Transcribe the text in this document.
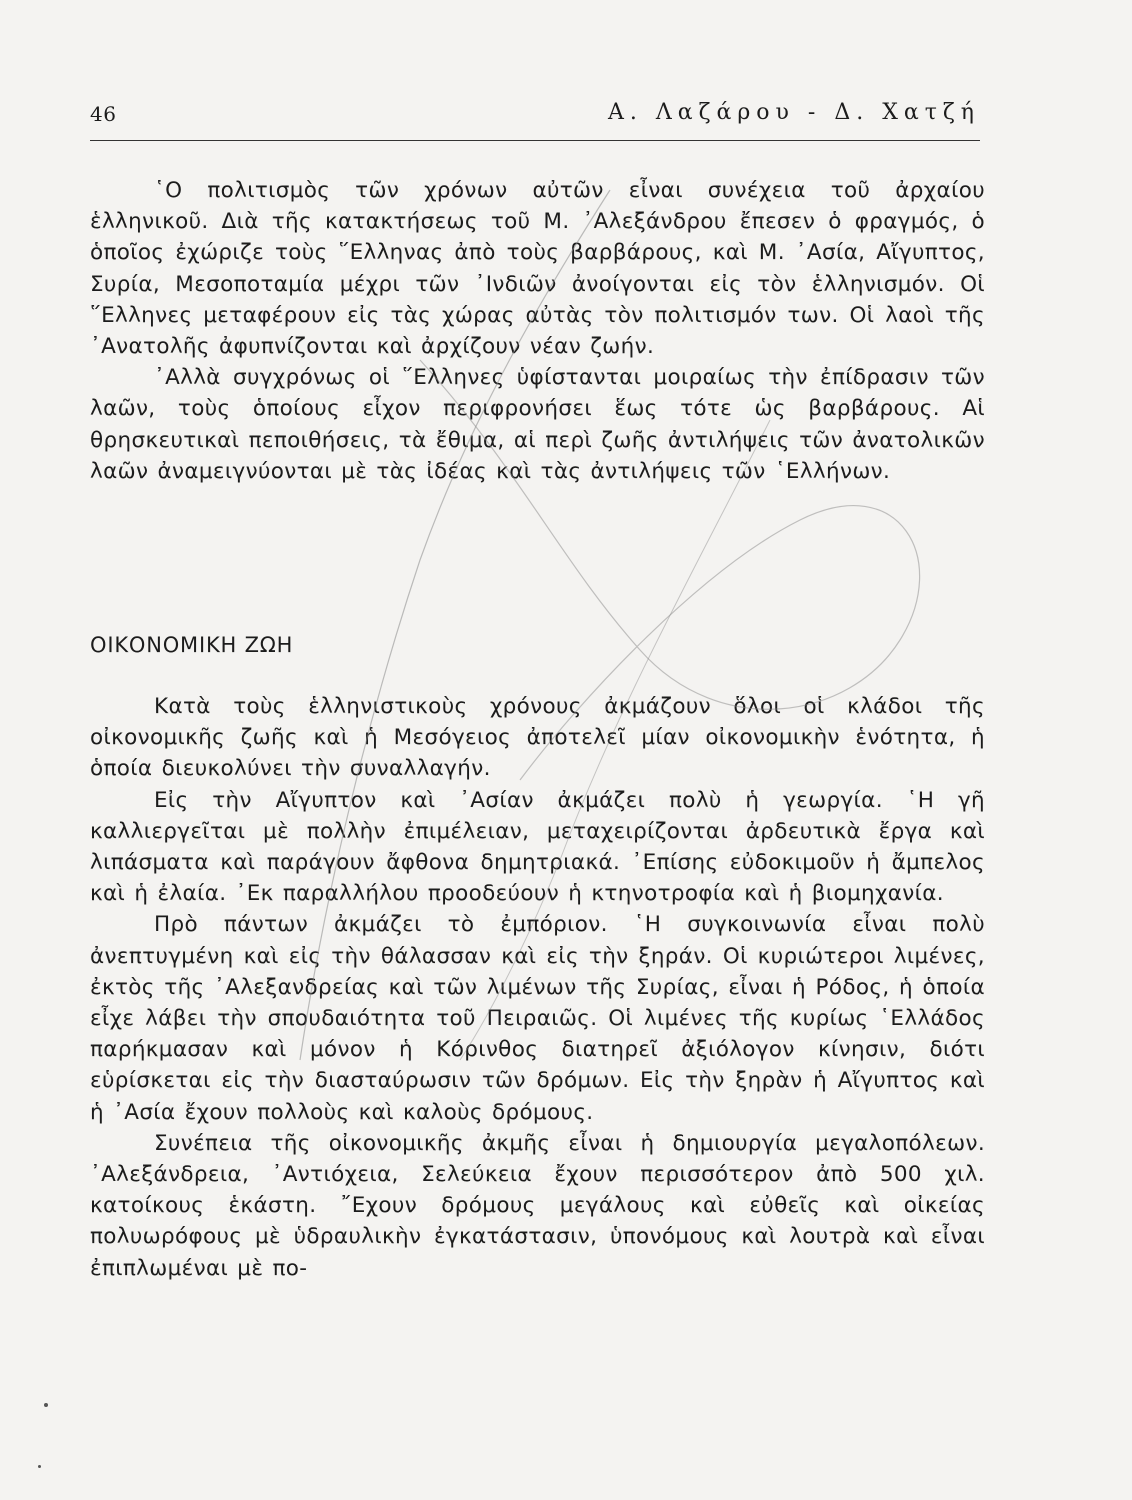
46	Α. Λαζάρου - Δ. Χατζή

῾Ο πολιτισμὸς τῶν χρόνων αὐτῶν εἶναι συνέχεια τοῦ ἀρχαίου ἑλληνικοῦ. Διὰ τῆς κατακτήσεως τοῦ Μ. ᾿Αλεξάνδρου ἔπεσεν ὁ φραγμός, ὁ ὁποῖος ἐχώριζε τοὺς ῞Ελληνας ἀπὸ τοὺς βαρβάρους, καὶ Μ. ᾿Ασία, Αἴγυπτος, Συρία, Μεσοποταμία μέχρι τῶν ᾿Ινδιῶν ἀνοίγονται εἰς τὸν ἑλληνισμόν. Οἱ ῞Ελληνες μεταφέρουν εἰς τὰς χώρας αὐτὰς τὸν πολιτισμόν των. Οἱ λαοὶ τῆς ᾿Ανατολῆς ἀφυπνίζονται καὶ ἀρχίζουν νέαν ζωήν.

᾿Αλλὰ συγχρόνως οἱ ῞Ελληνες ὑφίστανται μοιραίως τὴν ἐπίδρασιν τῶν λαῶν, τοὺς ὁποίους εἶχον περιφρονήσει ἕως τότε ὡς βαρβάρους. Αἱ θρησκευτικαὶ πεποιθήσεις, τὰ ἔθιμα, αἱ περὶ ζωῆς ἀντιλήψεις τῶν ἀνατολικῶν λαῶν ἀναμειγνύονται μὲ τὰς ἰδέας καὶ τὰς ἀντιλήψεις τῶν ῾Ελλήνων.

ΟΙΚΟΝΟΜΙΚΗ ΖΩΗ

Κατὰ τοὺς ἑλληνιστικοὺς χρόνους ἀκμάζουν ὅλοι οἱ κλάδοι τῆς οἰκονομικῆς ζωῆς καὶ ἡ Μεσόγειος ἀποτελεῖ μίαν οἰκονομικὴν ἑνότητα, ἡ ὁποία διευκολύνει τὴν συναλλαγήν.

Εἰς τὴν Αἴγυπτον καὶ ᾿Ασίαν ἀκμάζει πολὺ ἡ γεωργία. ῾Η γῆ καλλιεργεῖται μὲ πολλὴν ἐπιμέλειαν, μεταχειρίζονται ἀρδευτικὰ ἔργα καὶ λιπάσματα καὶ παράγουν ἄφθονα δημητριακά. ᾿Επίσης εὐδοκιμοῦν ἡ ἄμπελος καὶ ἡ ἐλαία. ᾿Εκ παραλλήλου προοδεύουν ἡ κτηνοτροφία καὶ ἡ βιομηχανία.

Πρὸ πάντων ἀκμάζει τὸ ἐμπόριον. ῾Η συγκοινωνία εἶναι πολὺ ἀνεπτυγμένη καὶ εἰς τὴν θάλασσαν καὶ εἰς τὴν ξηράν. Οἱ κυριώτεροι λιμένες, ἐκτὸς τῆς ᾿Αλεξανδρείας καὶ τῶν λιμένων τῆς Συρίας, εἶναι ἡ Ρόδος, ἡ ὁποία εἶχε λάβει τὴν σπουδαιότητα τοῦ Πειραιῶς. Οἱ λιμένες τῆς κυρίως ῾Ελλάδος παρήκμασαν καὶ μόνον ἡ Κόρινθος διατηρεῖ ἀξιόλογον κίνησιν, διότι εὑρίσκεται εἰς τὴν διασταύρωσιν τῶν δρόμων. Εἰς τὴν ξηρὰν ἡ Αἴγυπτος καὶ ἡ ᾿Ασία ἔχουν πολλοὺς καὶ καλοὺς δρόμους.

Συνέπεια τῆς οἰκονομικῆς ἀκμῆς εἶναι ἡ δημιουργία μεγαλοπόλεων. ᾿Αλεξάνδρεια, ᾿Αντιόχεια, Σελεύκεια ἔχουν περισσότερον ἀπὸ 500 χιλ. κατοίκους ἑκάστη. ῎Εχουν δρόμους μεγάλους καὶ εὐθεῖς καὶ οἰκείας πολυωρόφους μὲ ὑδραυλικὴν ἐγκατάστασιν, ὑπονόμους καὶ λουτρὰ καὶ εἶναι ἐπιπλωμέναι μὲ πο-
